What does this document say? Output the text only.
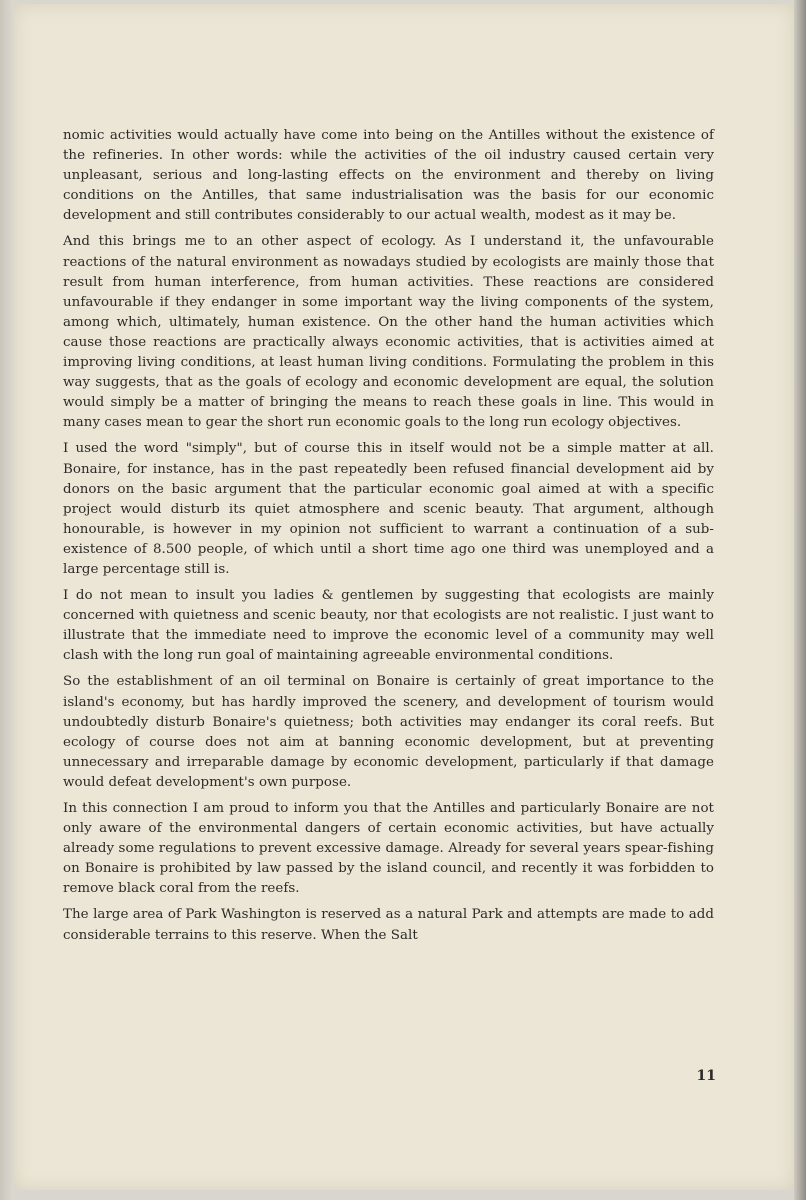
nomic activities would actually have come into being on the Antilles without the existence of the refineries. In other words: while the activities of the oil industry caused certain very unpleasant, serious and long-lasting effects on the environment and thereby on living conditions on the Antilles, that same industrialisation was the basis for our economic development and still contributes considerably to our actual wealth, modest as it may be.

And this brings me to an other aspect of ecology. As I understand it, the unfavourable reactions of the natural environment as nowadays studied by ecologists are mainly those that result from human interference, from human activities. These reactions are considered unfavourable if they endanger in some important way the living components of the system, among which, ultimately, human existence. On the other hand the human activities which cause those reactions are practically always economic activities, that is activities aimed at improving living conditions, at least human living conditions. Formulating the problem in this way suggests, that as the goals of ecology and economic development are equal, the solution would simply be a matter of bringing the means to reach these goals in line. This would in many cases mean to gear the short run economic goals to the long run ecology objectives.

I used the word "simply", but of course this in itself would not be a simple matter at all. Bonaire, for instance, has in the past repeatedly been refused financial development aid by donors on the basic argument that the particular economic goal aimed at with a specific project would disturb its quiet atmosphere and scenic beauty. That argument, although honourable, is however in my opinion not sufficient to warrant a continuation of a sub-existence of 8.500 people, of which until a short time ago one third was unemployed and a large percentage still is.

I do not mean to insult you ladies & gentlemen by suggesting that ecologists are mainly concerned with quietness and scenic beauty, nor that ecologists are not realistic. I just want to illustrate that the immediate need to improve the economic level of a community may well clash with the long run goal of maintaining agreeable environmental conditions.

So the establishment of an oil terminal on Bonaire is certainly of great importance to the island's economy, but has hardly improved the scenery, and development of tourism would undoubtedly disturb Bonaire's quietness; both activities may endanger its coral reefs. But ecology of course does not aim at banning economic development, but at preventing unnecessary and irreparable damage by economic development, particularly if that damage would defeat development's own purpose.

In this connection I am proud to inform you that the Antilles and particularly Bonaire are not only aware of the environmental dangers of certain economic activities, but have actually already some regulations to prevent excessive damage. Already for several years spear-fishing on Bonaire is prohibited by law passed by the island council, and recently it was forbidden to remove black coral from the reefs.

The large area of Park Washington is reserved as a natural Park and attempts are made to add considerable terrains to this reserve. When the Salt

11
